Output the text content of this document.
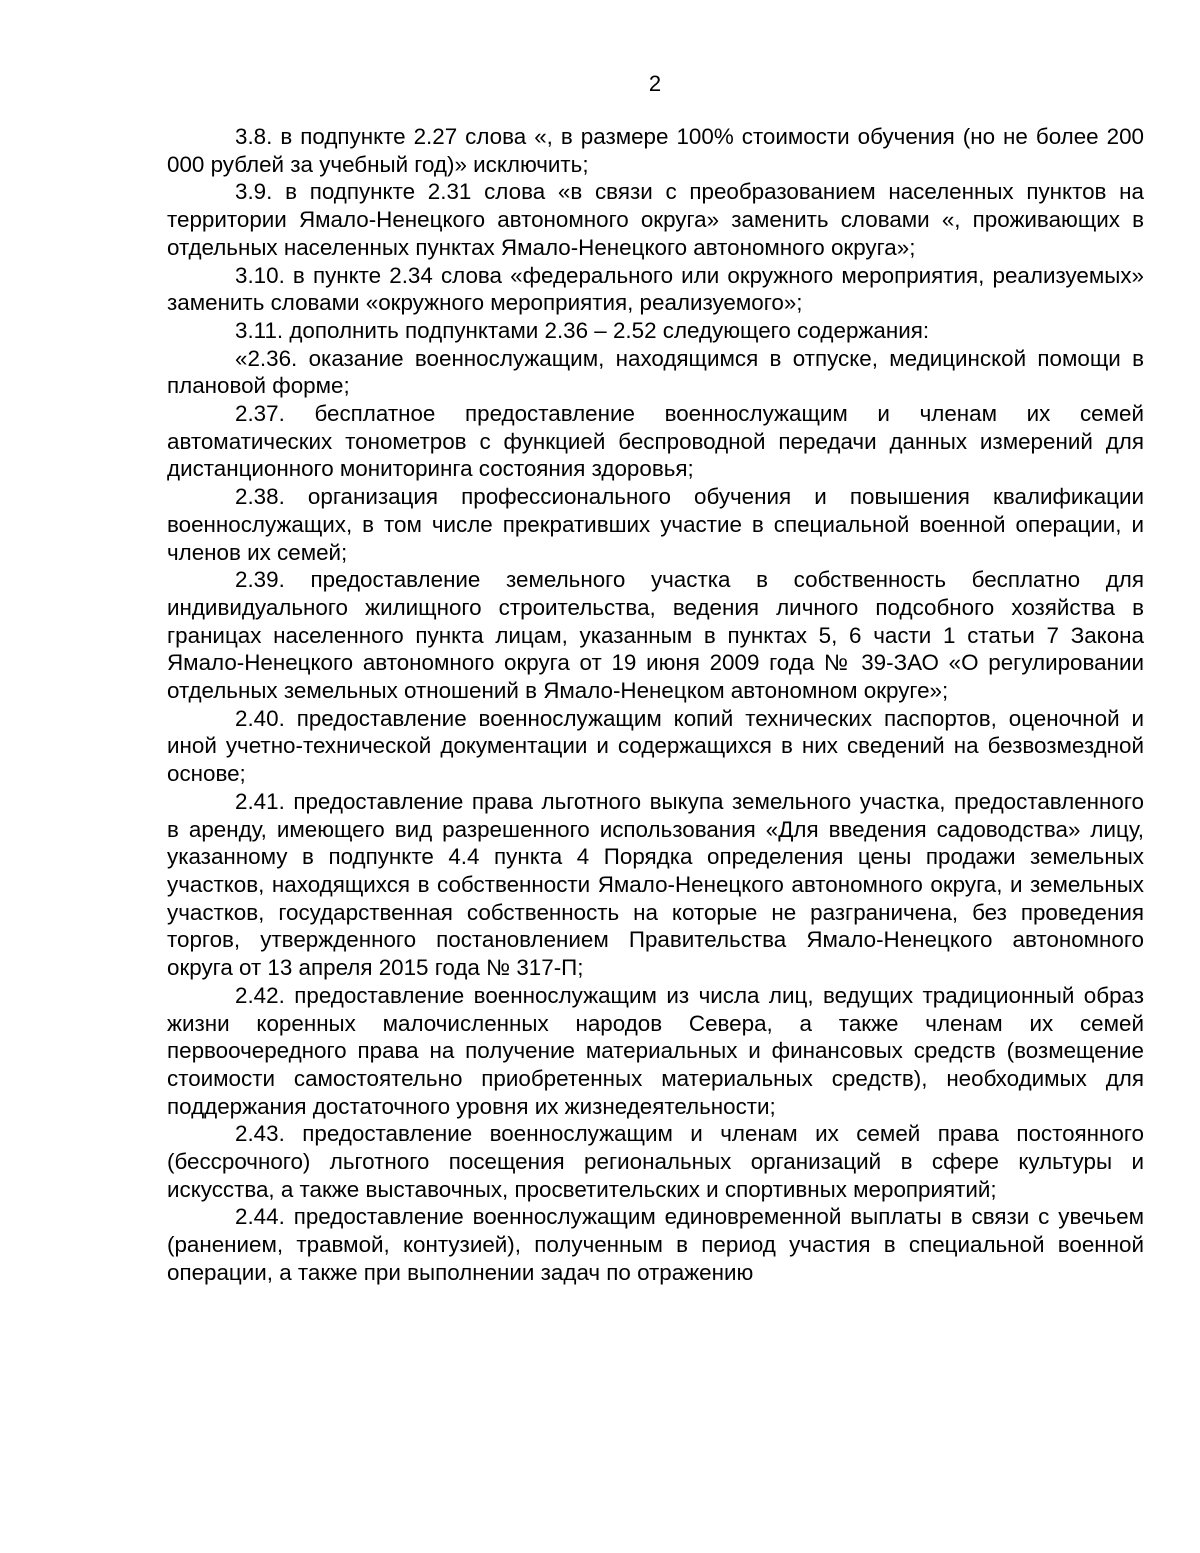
2

3.8. в подпункте 2.27 слова «, в размере 100% стоимости обучения (но не более 200 000 рублей за учебный год)» исключить;

3.9. в подпункте 2.31 слова «в связи с преобразованием населенных пунктов на территории Ямало-Ненецкого автономного округа» заменить словами «, проживающих в отдельных населенных пунктах Ямало-Ненецкого автономного округа»;

3.10. в пункте 2.34 слова «федерального или окружного мероприятия, реализуемых» заменить словами «окружного мероприятия, реализуемого»;

3.11. дополнить подпунктами 2.36 – 2.52 следующего содержания:

«2.36. оказание военнослужащим, находящимся в отпуске, медицинской помощи в плановой форме;

2.37. бесплатное предоставление военнослужащим и членам их семей автоматических тонометров с функцией беспроводной передачи данных измерений для дистанционного мониторинга состояния здоровья;

2.38. организация профессионального обучения и повышения квалификации военнослужащих, в том числе прекративших участие в специальной военной операции, и членов их семей;

2.39. предоставление земельного участка в собственность бесплатно для индивидуального жилищного строительства, ведения личного подсобного хозяйства в границах населенного пункта лицам, указанным в пунктах 5, 6 части 1 статьи 7 Закона Ямало-Ненецкого автономного округа от 19 июня 2009 года № 39-ЗАО «О регулировании отдельных земельных отношений в Ямало-Ненецком автономном округе»;

2.40. предоставление военнослужащим копий технических паспортов, оценочной и иной учетно-технической документации и содержащихся в них сведений на безвозмездной основе;

2.41. предоставление права льготного выкупа земельного участка, предоставленного в аренду, имеющего вид разрешенного использования «Для введения садоводства» лицу, указанному в подпункте 4.4 пункта 4 Порядка определения цены продажи земельных участков, находящихся в собственности Ямало-Ненецкого автономного округа, и земельных участков, государственная собственность на которые не разграничена, без проведения торгов, утвержденного постановлением Правительства Ямало-Ненецкого автономного округа от 13 апреля 2015 года № 317-П;

2.42. предоставление военнослужащим из числа лиц, ведущих традиционный образ жизни коренных малочисленных народов Севера, а также членам их семей первоочередного права на получение материальных и финансовых средств (возмещение стоимости самостоятельно приобретенных материальных средств), необходимых для поддержания достаточного уровня их жизнедеятельности;

2.43. предоставление военнослужащим и членам их семей права постоянного (бессрочного) льготного посещения региональных организаций в сфере культуры и искусства, а также выставочных, просветительских и спортивных мероприятий;

2.44. предоставление военнослужащим единовременной выплаты в связи с увечьем (ранением, травмой, контузией), полученным в период участия в специальной военной операции, а также при выполнении задач по отражению
